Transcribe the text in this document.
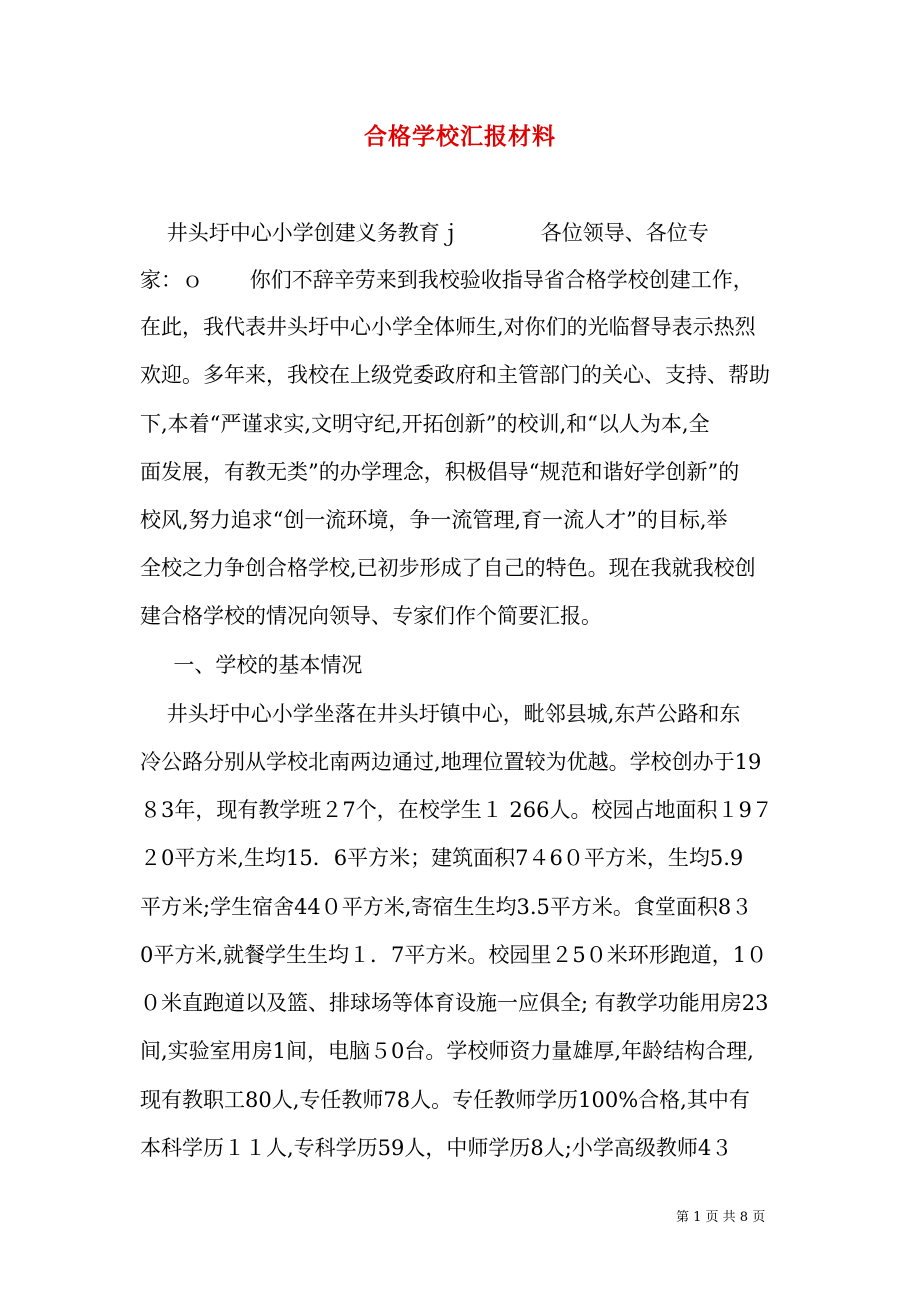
合格学校汇报材料
井头圩中心小学创建义务教育ｊ            各位领导、各位专
家：ｏ       你们不辞辛劳来到我校验收指导省合格学校创建工作，
在此，我代表井头圩中心小学全体师生,对你们的光临督导表示热烈
欢迎。多年来，我校在上级党委政府和主管部门的关心、支持、帮助
下,本着“严谨求实,文明守纪,开拓创新”的校训,和“以人为本,全
面发展，有教无类”的办学理念，积极倡导“规范和谐好学创新”的
校风,努力追求“创一流环境，争一流管理,育一流人才”的目标,举
全校之力争创合格学校,已初步形成了自己的特色。现在我就我校创
建合格学校的情况向领导、专家们作个简要汇报。
一、学校的基本情况
井头圩中心小学坐落在井头圩镇中心，毗邻县城,东芦公路和东
冷公路分别从学校北南两边通过,地理位置较为优越。学校创办于19
８3年，现有教学班２7个，在校学生１ 266人。校园占地面积１9７
２0平方米,生均15．6平方米；建筑面积7４6０平方米，生均5.9
平方米;学生宿舍44０平方米,寄宿生生均3.5平方米。食堂面积8３
0平方米,就餐学生生均１．7平方米。校园里２5０米环形跑道，1０
０米直跑道以及篮、排球场等体育设施一应俱全; 有教学功能用房23
间,实验室用房1间，电脑５0台。学校师资力量雄厚,年龄结构合理,
现有教职工80人,专任教师78人。专任教师学历100%合格,其中有
本科学历１１人,专科学历59人，中师学历8人;小学高级教师4３
第 1 页 共 8 页
